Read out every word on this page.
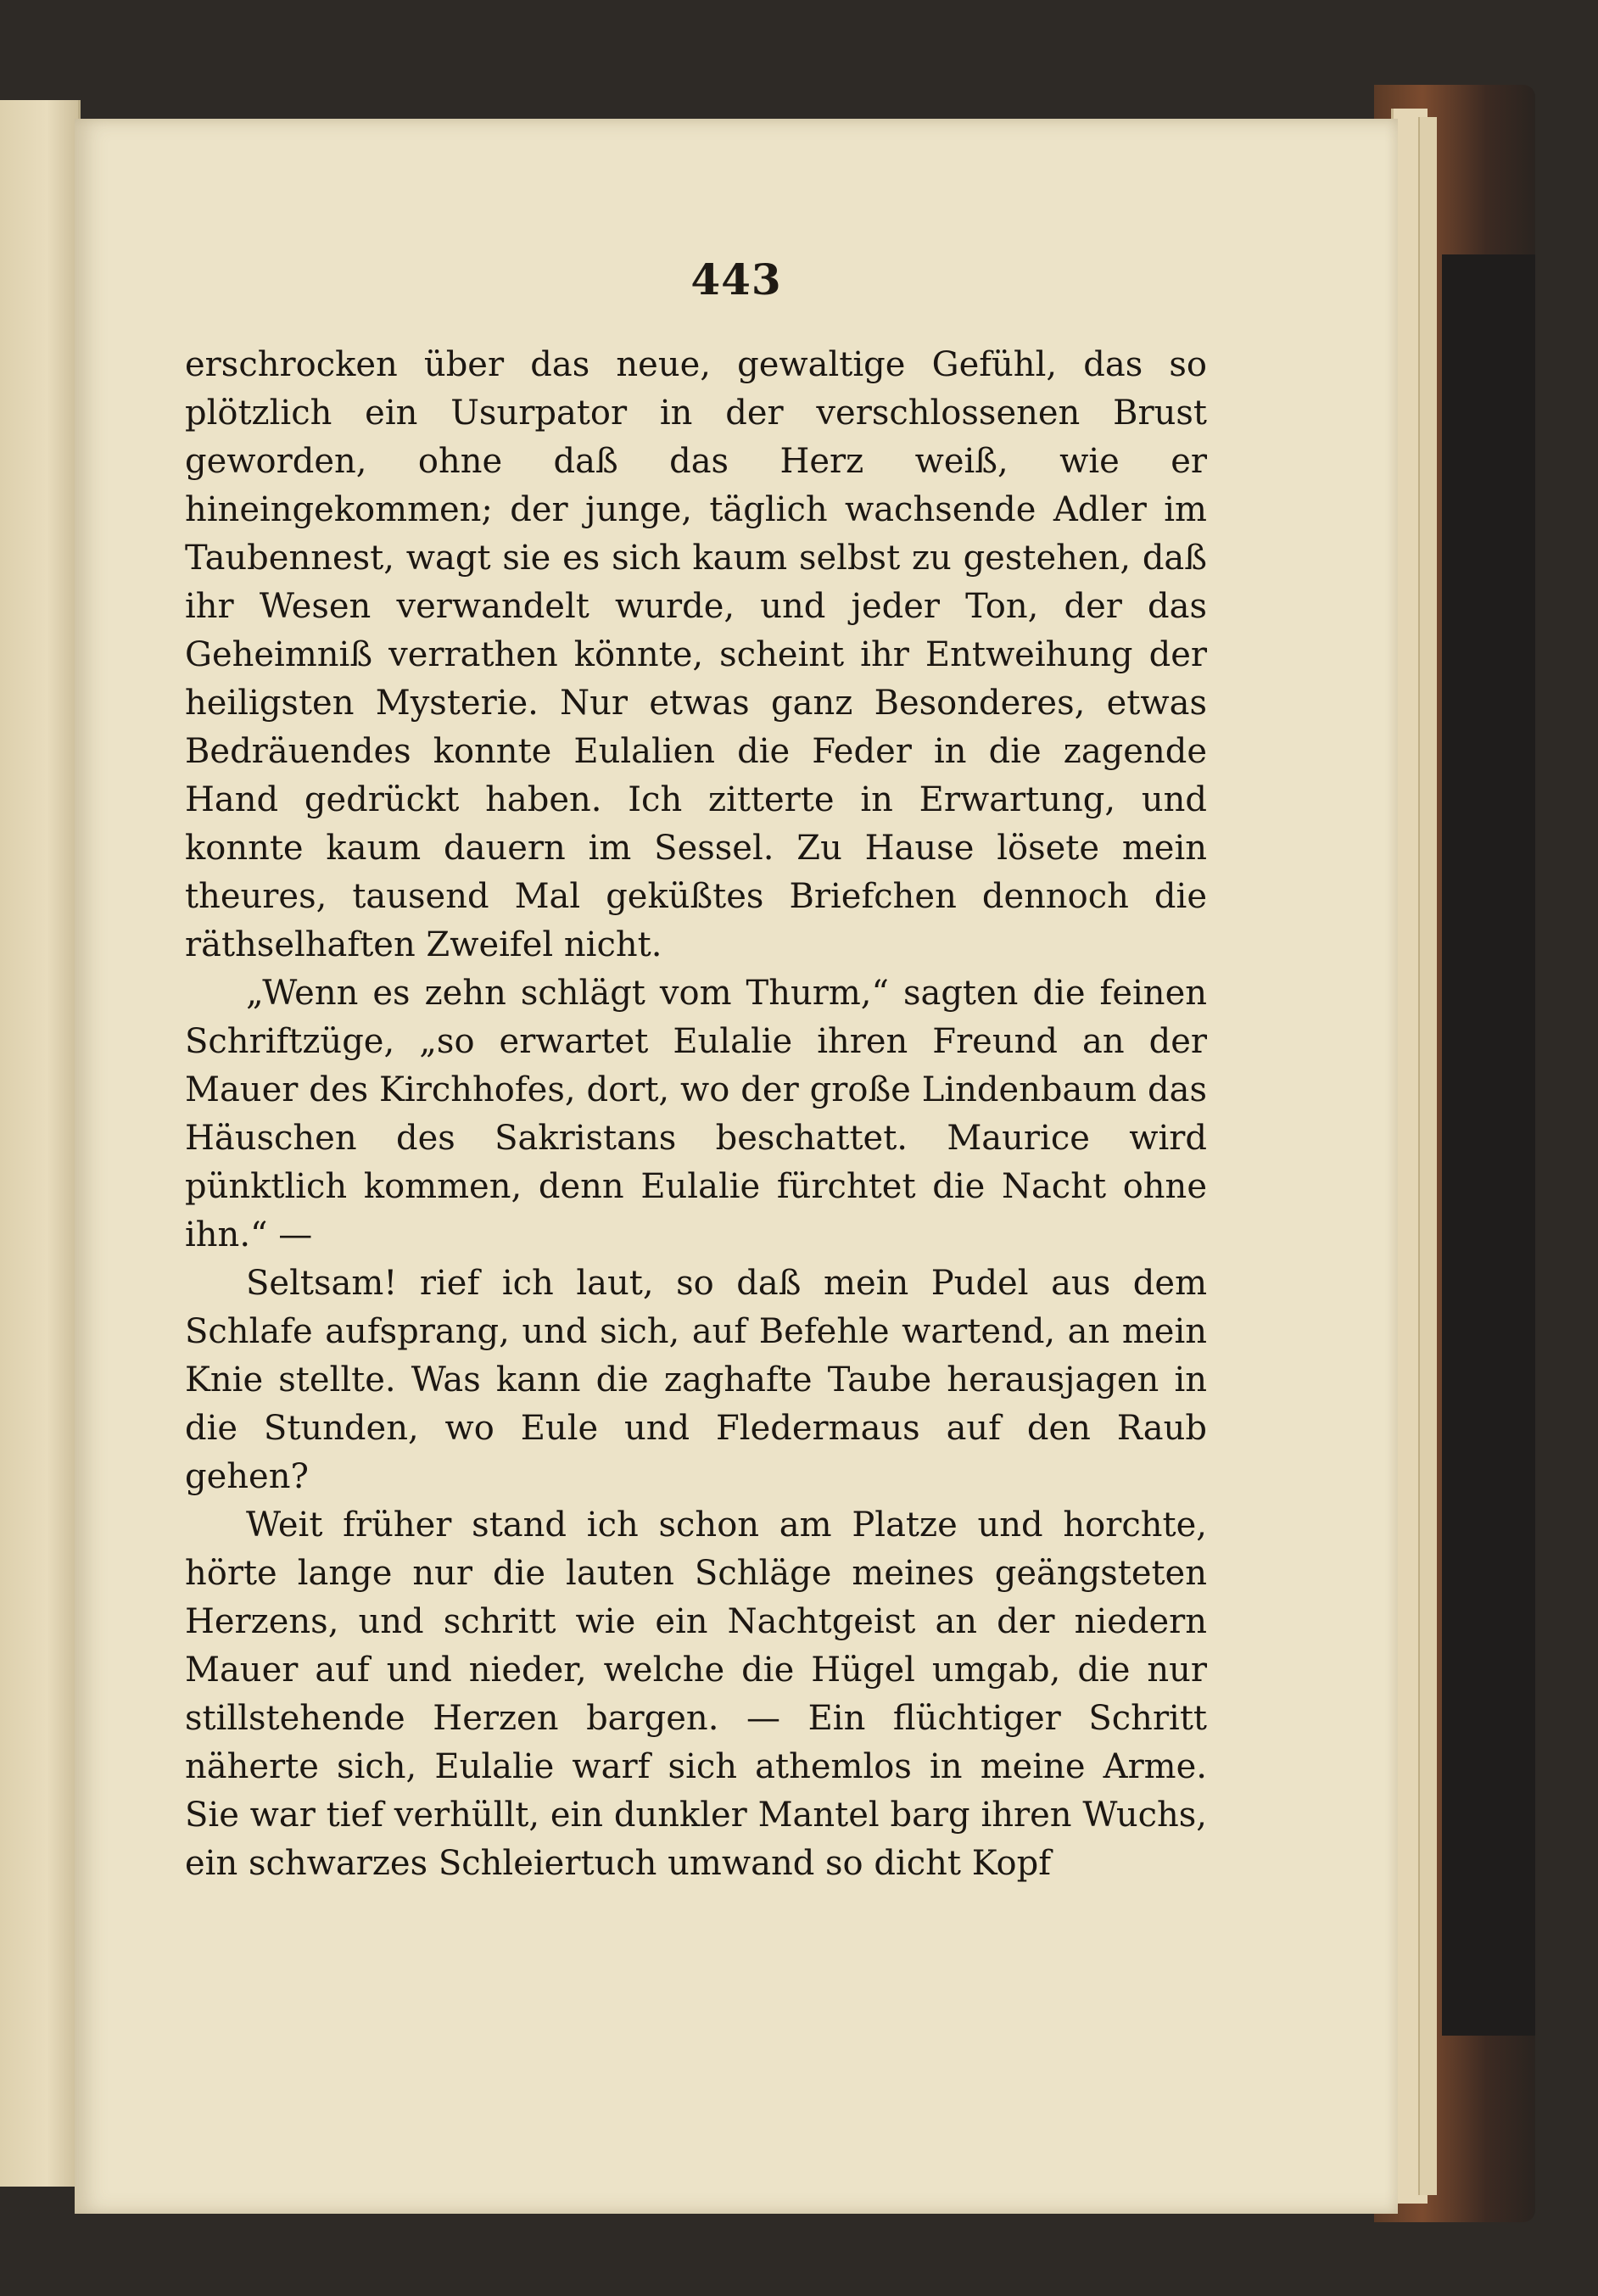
443

erschrocken über das neue, gewaltige Gefühl, das so plötzlich ein Usurpator in der verschlossenen Brust geworden, ohne daß das Herz weiß, wie er hineingekommen; der junge, täglich wachsende Adler im Taubennest, wagt sie es sich kaum selbst zu gestehen, daß ihr Wesen verwandelt wurde, und jeder Ton, der das Geheimniß verrathen könnte, scheint ihr Entweihung der heiligsten Mysterie. Nur etwas ganz Besonderes, etwas Bedräuendes konnte Eulalien die Feder in die zagende Hand gedrückt haben. Ich zitterte in Erwartung, und konnte kaum dauern im Sessel. Zu Hause lösete mein theures, tausend Mal geküßtes Briefchen dennoch die räthselhaften Zweifel nicht.

„Wenn es zehn schlägt vom Thurm,“ sagten die feinen Schriftzüge, „so erwartet Eulalie ihren Freund an der Mauer des Kirchhofes, dort, wo der große Lindenbaum das Häuschen des Sakristans beschattet. Maurice wird pünktlich kommen, denn Eulalie fürchtet die Nacht ohne ihn.“ —

Seltsam! rief ich laut, so daß mein Pudel aus dem Schlafe aufsprang, und sich, auf Befehle wartend, an mein Knie stellte. Was kann die zaghafte Taube herausjagen in die Stunden, wo Eule und Fledermaus auf den Raub gehen?

Weit früher stand ich schon am Platze und horchte, hörte lange nur die lauten Schläge meines geängsteten Herzens, und schritt wie ein Nachtgeist an der niedern Mauer auf und nieder, welche die Hügel umgab, die nur stillstehende Herzen bargen. — Ein flüchtiger Schritt näherte sich, Eulalie warf sich athemlos in meine Arme. Sie war tief verhüllt, ein dunkler Mantel barg ihren Wuchs, ein schwarzes Schleiertuch umwand so dicht Kopf
